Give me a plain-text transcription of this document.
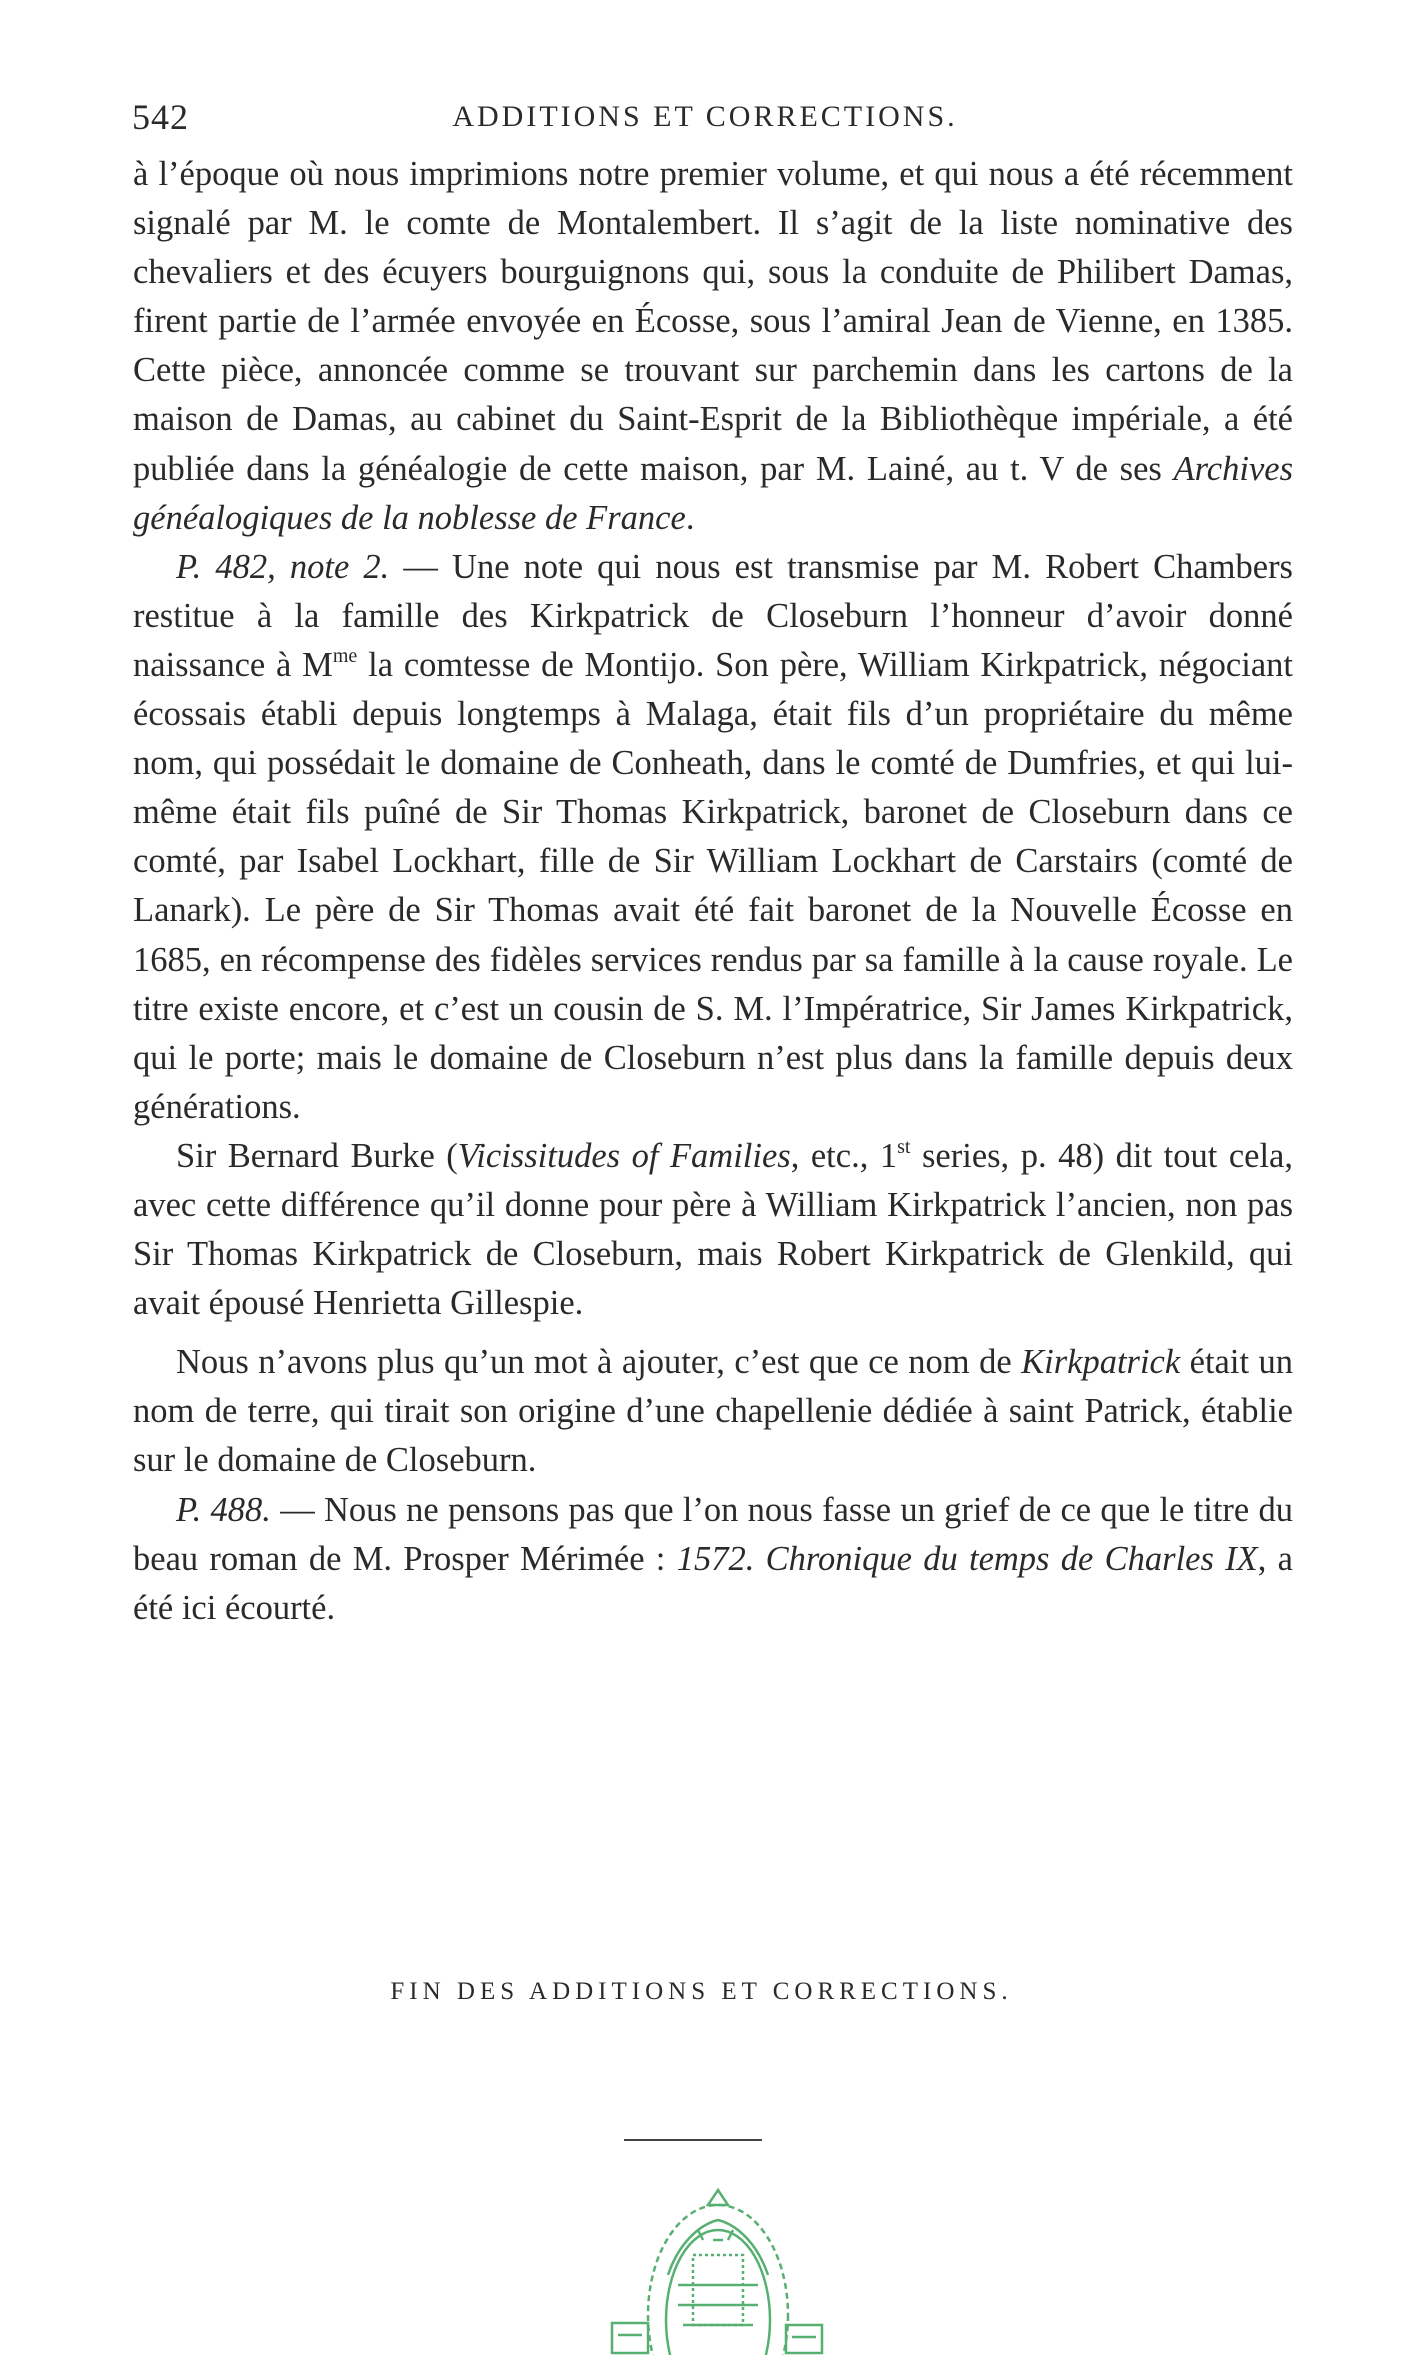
542	ADDITIONS ET CORRECTIONS.

à l’époque où nous imprimions notre premier volume, et qui nous a été récemment signalé par M. le comte de Montalembert. Il s’agit de la liste nominative des chevaliers et des écuyers bourguignons qui, sous la conduite de Philibert Damas, firent partie de l’armée envoyée en Écosse, sous l’amiral Jean de Vienne, en 1385. Cette pièce, annoncée comme se trouvant sur parchemin dans les cartons de la maison de Damas, au cabinet du Saint-Esprit de la Bibliothèque impériale, a été publiée dans la généalogie de cette maison, par M. Lainé, au t. V de ses Archives généalogiques de la noblesse de France.

P. 482, note 2. — Une note qui nous est transmise par M. Robert Chambers restitue à la famille des Kirkpatrick de Closeburn l’honneur d’avoir donné naissance à $M^{me}$ la comtesse de Montijo. Son père, William Kirkpatrick, négociant écossais établi depuis longtemps à Malaga, était fils d’un propriétaire du même nom, qui possédait le domaine de Conheath, dans le comté de Dumfries, et qui lui-même était fils puîné de Sir Thomas Kirkpatrick, baronet de Closeburn dans ce comté, par Isabel Lockhart, fille de Sir William Lockhart de Carstairs (comté de Lanark). Le père de Sir Thomas avait été fait baronet de la Nouvelle Écosse en 1685, en récompense des fidèles services rendus par sa famille à la cause royale. Le titre existe encore, et c’est un cousin de S. M. l’Impératrice, Sir James Kirkpatrick, qui le porte; mais le domaine de Closeburn n’est plus dans la famille depuis deux générations.

Sir Bernard Burke (Vicissitudes of Families, etc., 1st series, p. 48) dit tout cela, avec cette différence qu’il donne pour père à William Kirkpatrick l’ancien, non pas Sir Thomas Kirkpatrick de Closeburn, mais Robert Kirkpatrick de Glenkild, qui avait épousé Henrietta Gillespie.

Nous n’avons plus qu’un mot à ajouter, c’est que ce nom de Kirkpatrick était un nom de terre, qui tirait son origine d’une chapellenie dédiée à saint Patrick, établie sur le domaine de Closeburn.

P. 488. — Nous ne pensons pas que l’on nous fasse un grief de ce que le titre du beau roman de M. Prosper Mérimée : 1572. Chronique du temps de Charles IX, a été ici écourté.

FIN DES ADDITIONS ET CORRECTIONS.
